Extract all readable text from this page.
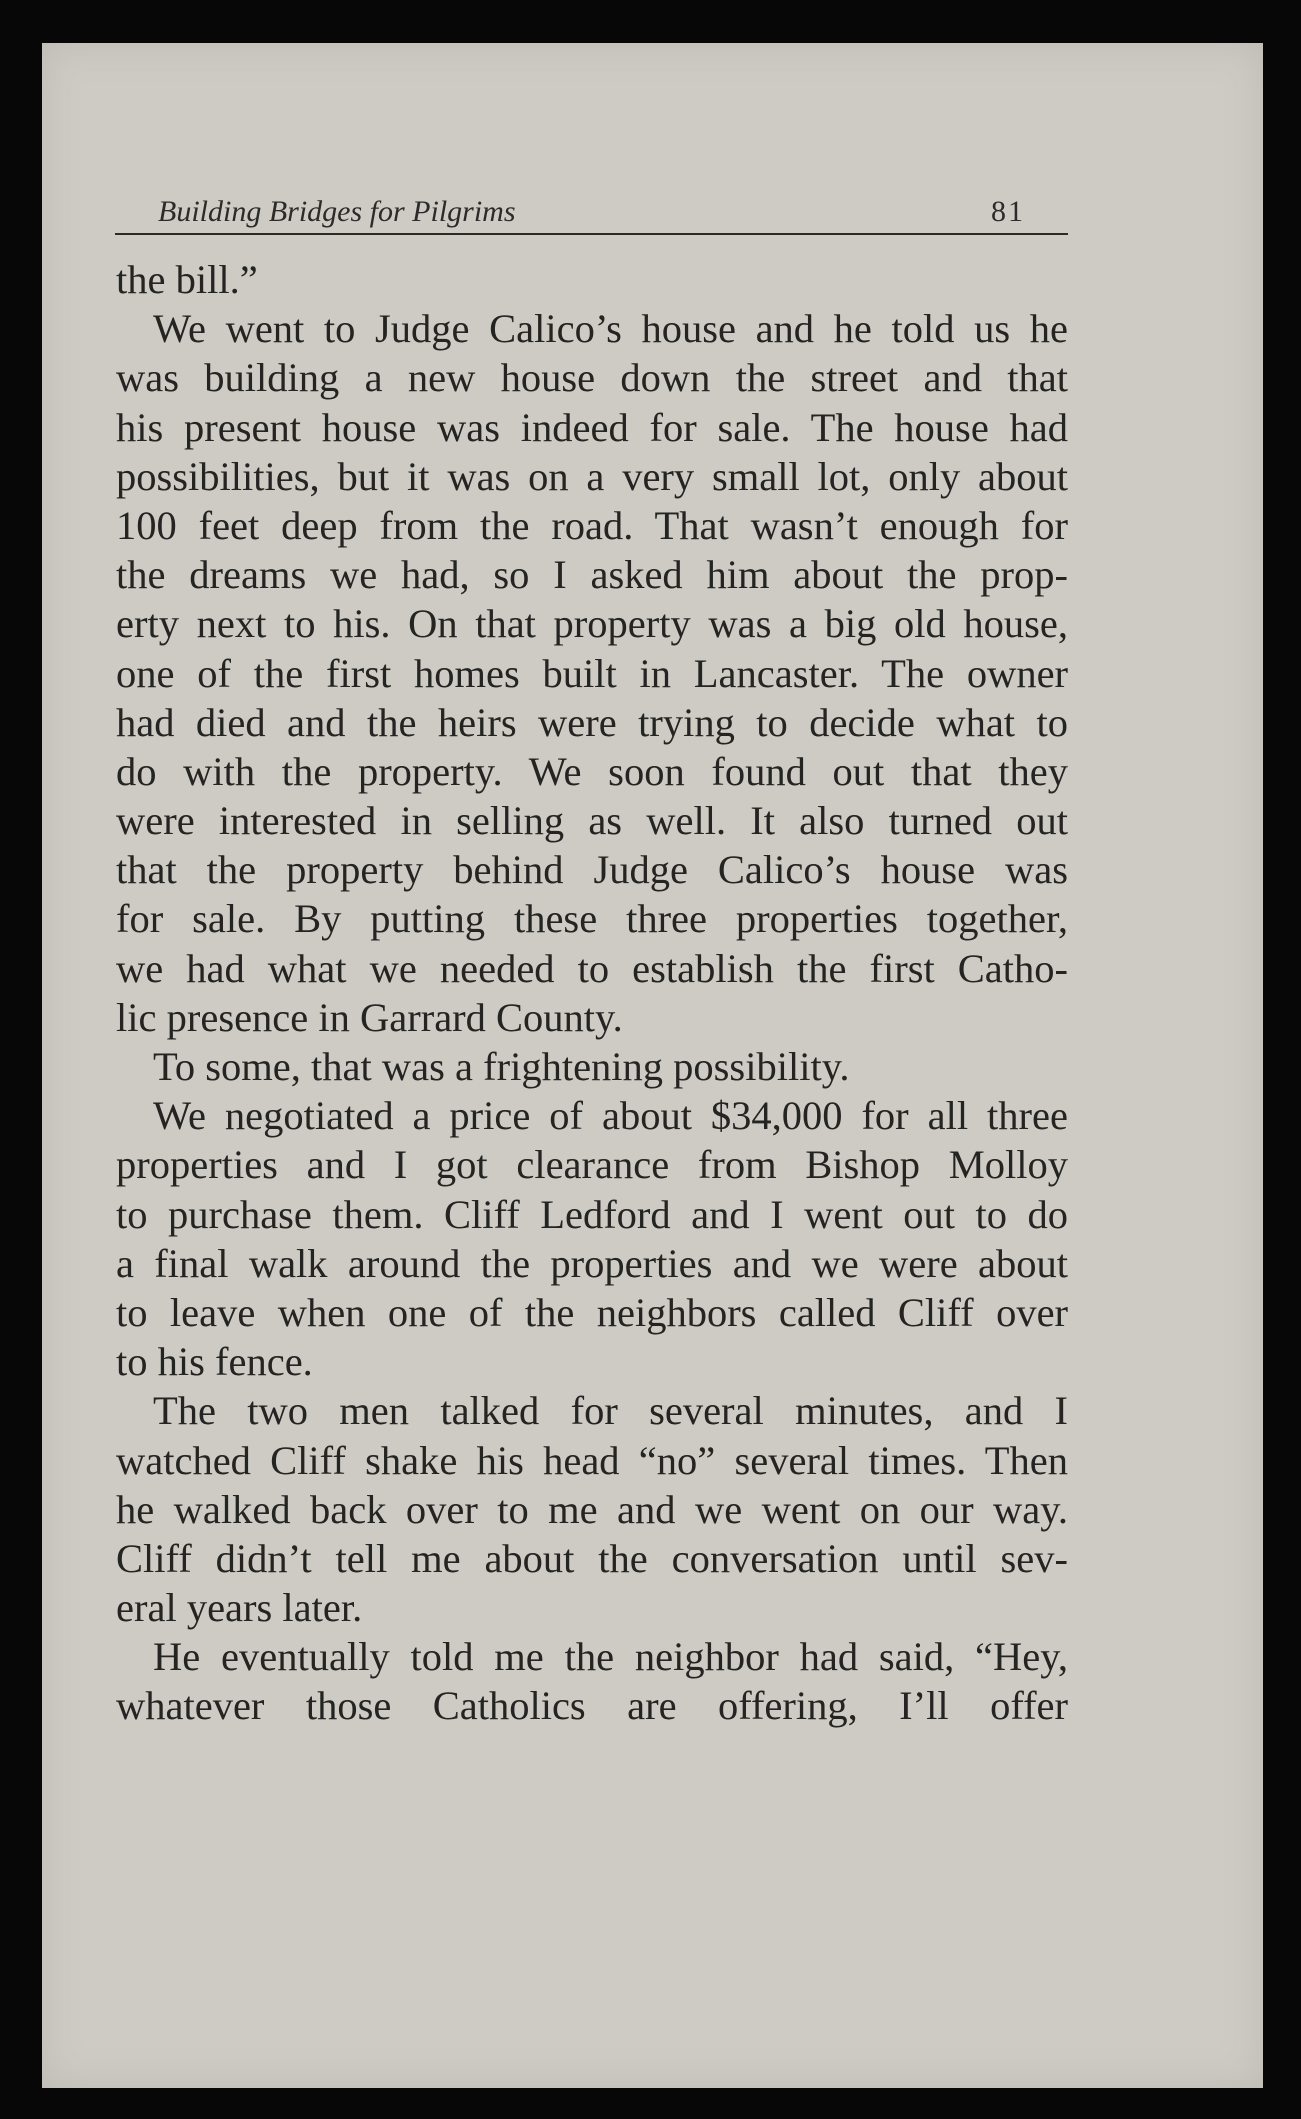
Building Bridges for Pilgrims	81
the bill.”
We went to Judge Calico’s house and he told us he
was building a new house down the street and that
his present house was indeed for sale. The house had
possibilities, but it was on a very small lot, only about
100 feet deep from the road. That wasn’t enough for
the dreams we had, so I asked him about the prop-
erty next to his. On that property was a big old house,
one of the first homes built in Lancaster. The owner
had died and the heirs were trying to decide what to
do with the property. We soon found out that they
were interested in selling as well. It also turned out
that the property behind Judge Calico’s house was
for sale. By putting these three properties together,
we had what we needed to establish the first Catho-
lic presence in Garrard County.
To some, that was a frightening possibility.
We negotiated a price of about $34,000 for all three
properties and I got clearance from Bishop Molloy
to purchase them. Cliff Ledford and I went out to do
a final walk around the properties and we were about
to leave when one of the neighbors called Cliff over
to his fence.
The two men talked for several minutes, and I
watched Cliff shake his head “no” several times. Then
he walked back over to me and we went on our way.
Cliff didn’t tell me about the conversation until sev-
eral years later.
He eventually told me the neighbor had said, “Hey,
whatever those Catholics are offering, I’ll offer
